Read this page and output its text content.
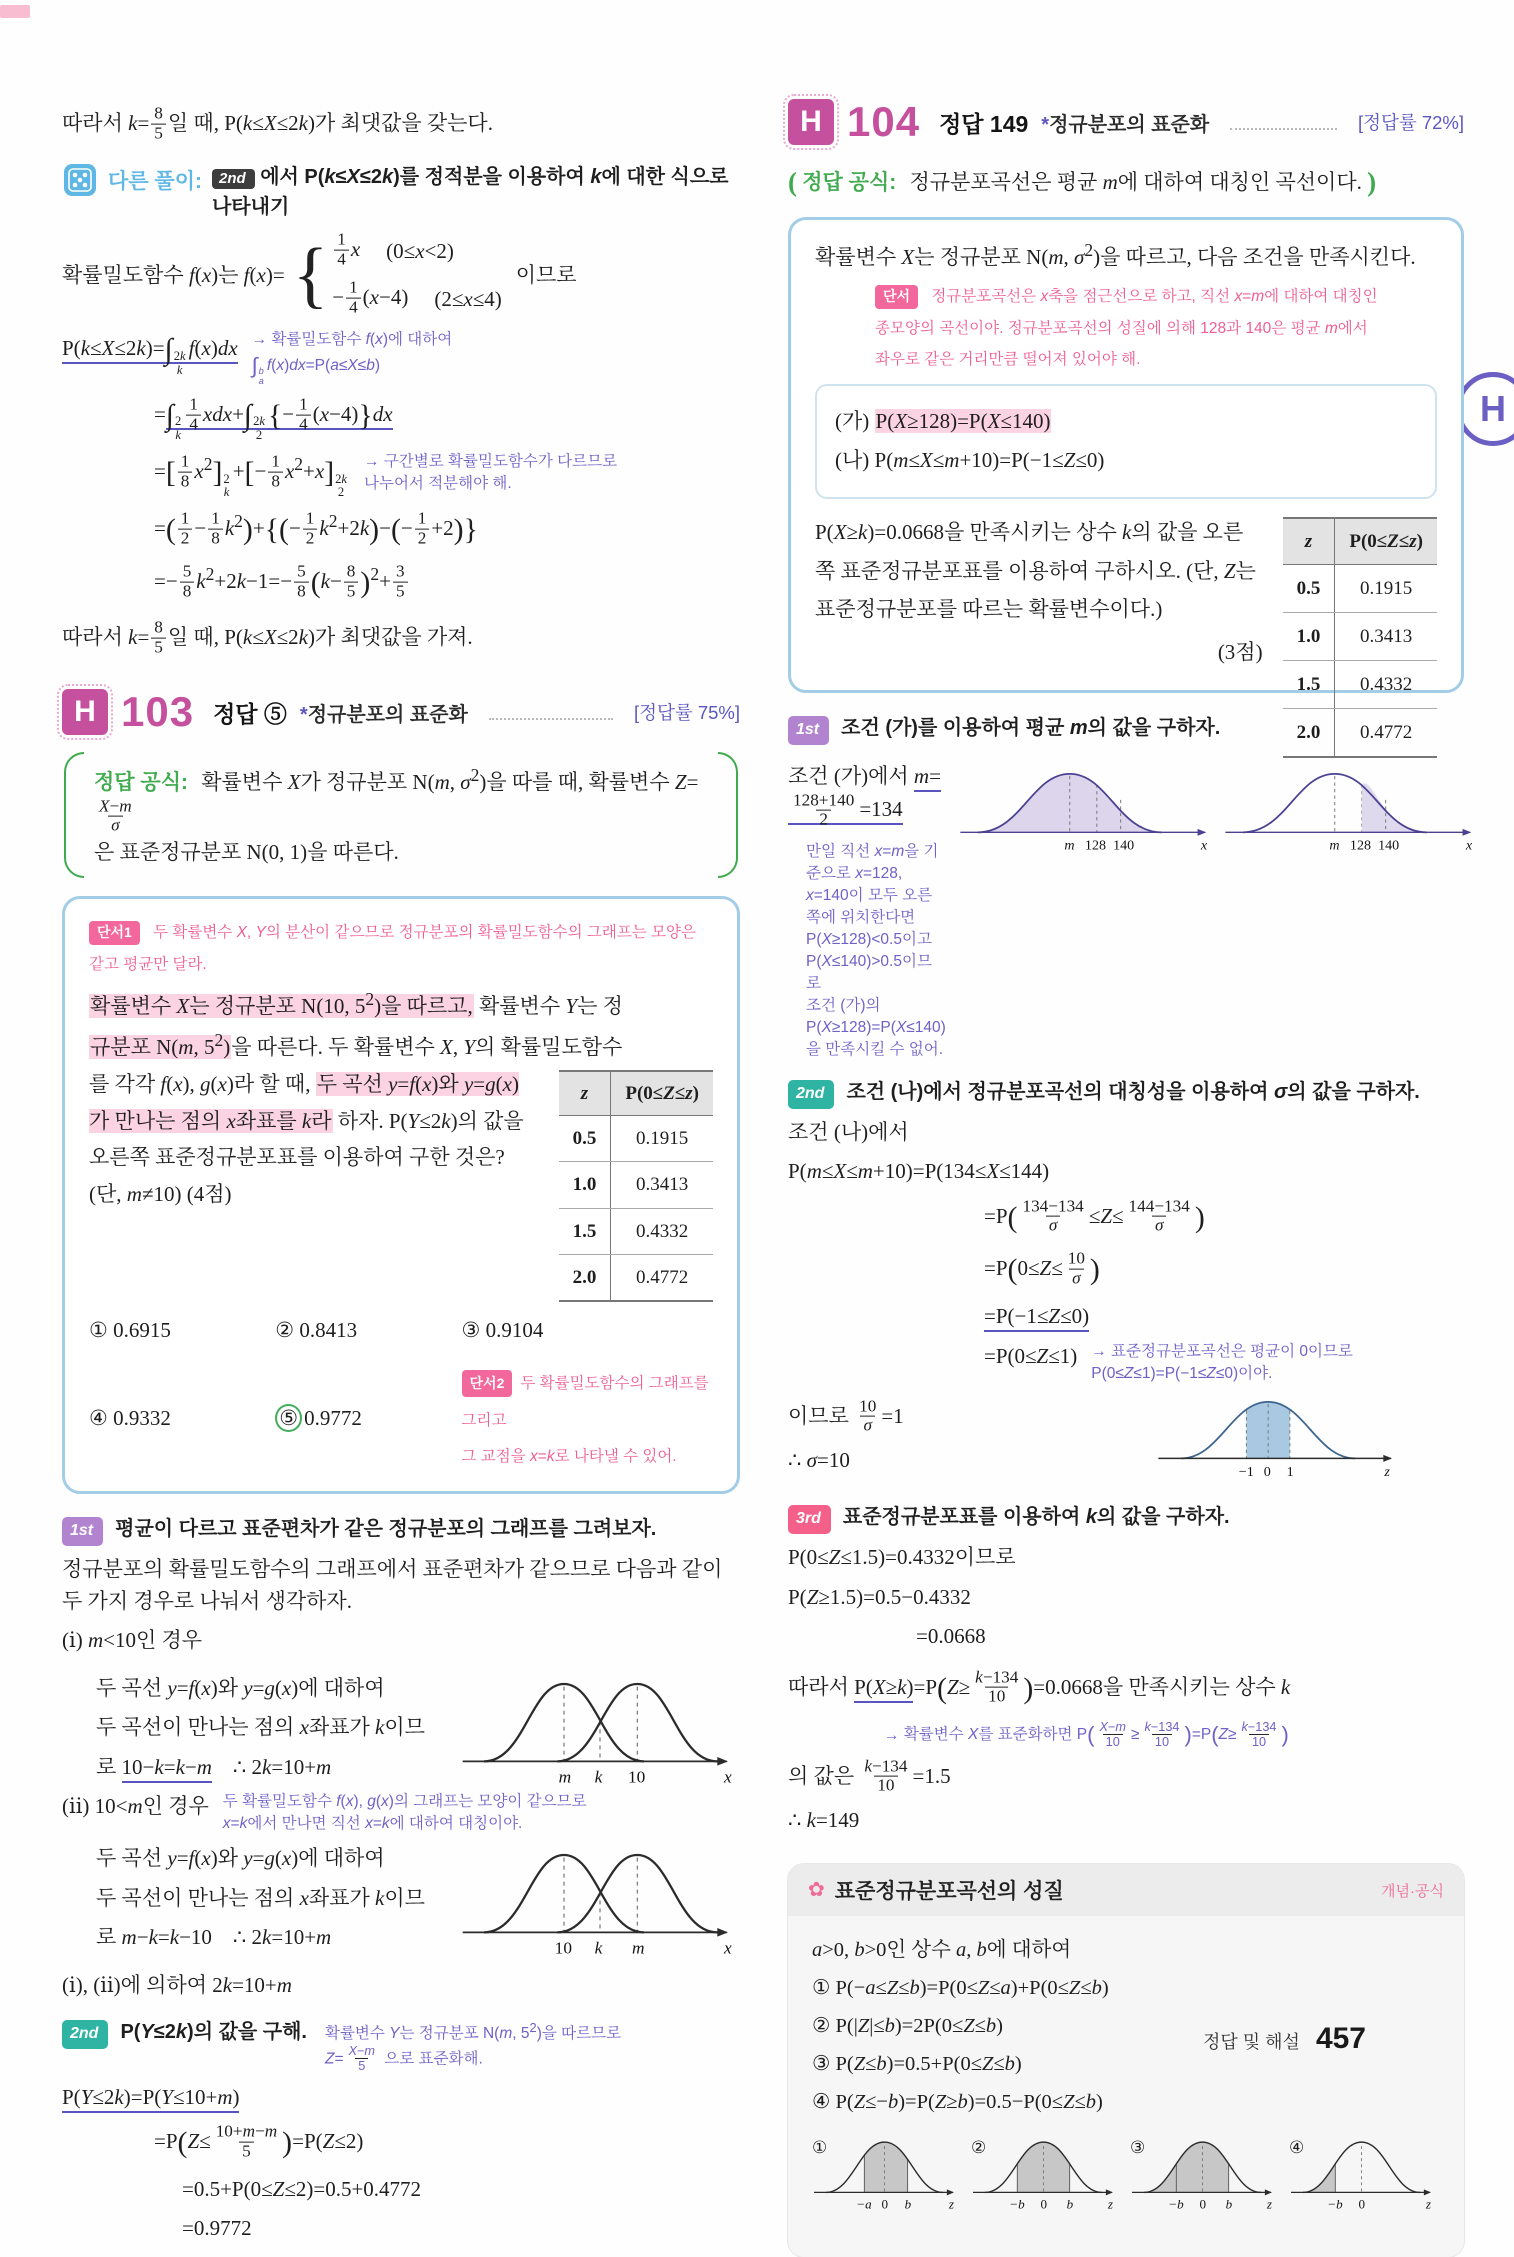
H

따라서 $k= \frac{8}{5}$ 일 때, P(k≤X≤2k)가 최댓값을 갖는다.

다른 풀이:	2nd 에서 P(k≤X≤2k)를 정적분을 이용하여 k에 대한 식으로 나타내기
확률밀도함수 f(x)는 f(x)= { $\frac{1}{4}$ x (0≤x<2)
− $\frac{1}{4} (x-4)$ (2≤x≤4)
이므로
P(k≤X≤2k)=∫ 2k
k
f(x)dx → 확률밀도함수 f(x)에 대하여
∫ b
a
f(x)dx=P(a≤X≤b)

=∫ 2
k
$\frac{1}{4} xdx+\int$ 2k
2
{− $\frac{1}{4} (x-4)\}dx$

=[ $\frac{1}{8} x^2$] 2
k
+[− $\frac{1}{8} x^2+x$] 2k
2
→ 구간별로 확률밀도함수가 다르므로
나누어서 적분해야 해.

=( $\frac{1}{2} - \frac{1}{8} k^2)+\{(- \frac{1}{2} k^2+2k)-(- \frac{1}{2} +2)\}$

=− $\frac{5}{8} k^2+2k-1=- \frac{5}{8} (k- \frac{8}{5} )^2+ \frac{3}{5}$

따라서 $k= \frac{8}{5}$ 일 때, P(k≤X≤2k)가 최댓값을 가져.

H 103 정답 ⑤ *정규분포의 표준화	[정답률 75%]
정답 공식: 확률변수 X가 정규분포 N(m, $\sigma^2$)을 따를 때, 확률변수 Z=
$\frac{X-m}{\sigma}$

은 표준정규분포 N(0, 1)을 따른다.
단서1 두 확률변수 X, Y의 분산이 같으므로 정규분포의 확률밀도함수의 그래프는 모양은
같고 평균만 달라.

확률변수 X는 정규분포 N(10, $5^2$)을 따르고, 확률변수 Y는 정
규분포 N(m, $5^2$)을 따른다. 두 확률변수 X, Y의 확률밀도함수

z	P(0≤Z≤z)
0.5	0.1915
1.0	0.3413
1.5	0.4332
2.0	0.4772
를 각각 f(x), g(x)라 할 때, 두 곡선 y=f(x)와 y=g(x)가 만나는 점의 x좌표를 k라 하자. P(Y≤2k)의 값을 오른쪽 표준정규분포표를 이용하여 구한 것은? (단, m≠10) (4점)
① 0.6915	② 0.8413	③ 0.9104
④ 0.9332	⑤ 0.9772
단서2 두 확률밀도함수의 그래프를 그리고
그 교점을 x=k로 나타낼 수 있어.
1st	평균이 다르고 표준편차가 같은 정규분포의 그래프를 그려보자.

정규분포의 확률밀도함수의 그래프에서 표준편차가 같으므로 다음과 같이 두 가지 경우로 나눠서 생각하자.

(ⅰ) m<10인 경우

두 곡선 y=f(x)와 y=g(x)에 대하여

두 곡선이 만나는 점의 x좌표가 k이므

로 10−k=k−m    ∴ 2k=10+m	m k 10	x

(ⅱ) 10<m인 경우 두 확률밀도함수 f(x), g(x)의 그래프는 모양이 같으므로
x=k에서 만나면 직선 x=k에 대하여 대칭이야.

두 곡선 y=f(x)와 y=g(x)에 대하여

두 곡선이 만나는 점의 x좌표가 k이므

로 m−k=k−10    ∴ 2k=10+m	10 k m	x

(ⅰ), (ⅱ)에 의하여 2k=10+m

2nd	P(Y≤2k)의 값을 구해. 확률변수 Y는 정규분포 N(m, $5^2$)을 따르므로
$Z= \frac{X-m}{5}$ 으로 표준화해.

P(Y≤2k)=P(Y≤10+m)

$=P(Z\le \frac{10+m-m}{5} )=P(Z\le 2)$

=0.5+P(0≤Z≤2)=0.5+0.4772

=0.9772

H 104 정답 149 *정규분포의 표준화	[정답률 72%]

( 정답 공식: 정규분포곡선은 평균 m에 대하여 대칭인 곡선이다. )

확률변수 X는 정규분포 N(m, $\sigma^2$)을 따르고, 다음 조건을 만족시킨다.

단서 정규분포곡선은 x축을 점근선으로 하고, 직선 x=m에 대하여 대칭인
종모양의 곡선이야. 정규분포곡선의 성질에 의해 128과 140은 평균 m에서
좌우로 같은 거리만큼 떨어져 있어야 해.

(가) P(X≥128)=P(X≤140)

(나) P(m≤X≤m+10)=P(−1≤Z≤0)

z	P(0≤Z≤z)
0.5	0.1915
1.0	0.3413
1.5	0.4332
2.0	0.4772
P(X≥k)=0.0668을 만족시키는 상수 k의 값을 오른쪽 표준정규분포표를 이용하여 구하시오. (단, Z는 표준정규분포를 따르는 확률변수이다.)
(3점)
1st	조건 (가)를 이용하여 평균 m의 값을 구하자.

조건 (가)에서 m=
$\frac{128+140}{2} =134$

만일 직선 x=m을 기준으로 x=128, x=140이 모두 오른쪽에 위치한다면
P(X≥128)<0.5이고 P(X≤140)>0.5이므로
조건 (가)의 P(X≥128)=P(X≤140)을 만족시킬 수 없어.
m 128 140	x
	m 128 140	x
2nd	조건 (나)에서 정규분포곡선의 대칭성을 이용하여 σ의 값을 구하자.

조건 (나)에서

P(m≤X≤m+10)=P(134≤X≤144)

$=P( \frac{134-134}{\sigma} \le Z\le \frac{144-134}{\sigma}$ )

$=P(0\le Z\le \frac{10}{\sigma}$ )

=P(−1≤Z≤0)

=P(0≤Z≤1) → 표준정규분포곡선은 평균이 0이므로
P(0≤Z≤1)=P(−1≤Z≤0)이야.

이므로 $\frac{10}{\sigma} =1$

∴ σ=10	−1 0 1	z
3rd	표준정규분포표를 이용하여 k의 값을 구하자.

P(0≤Z≤1.5)=0.4332이므로

P(Z≥1.5)=0.5−0.4332

=0.0668

따라서 $P(X\ge k)=P(Z\ge \frac{k-134}{10} )=0.0668$을 만족시키는 상수 k

→ 확률변수 X를 표준화하면 $P( \frac{X-m}{10} \ge \frac{k-134}{10} )=P(Z\ge \frac{k-134}{10}$ )

의 값은 $\frac{k-134}{10} =1.5$

∴ k=149

✿ 표준정규분포곡선의 성질	개념·공식

a>0, b>0인 상수 a, b에 대하여

① P(−a≤Z≤b)=P(0≤Z≤a)+P(0≤Z≤b)

② P(|Z|≤b)=2P(0≤Z≤b)

③ P(Z≤b)=0.5+P(0≤Z≤b)

④ P(Z≤−b)=P(Z≥b)=0.5−P(0≤Z≤b)

①
−a 0 b	z
②
−b 0 b	z
③
−b 0 b	z
④
−b 0	z
정답 및 해설 457
